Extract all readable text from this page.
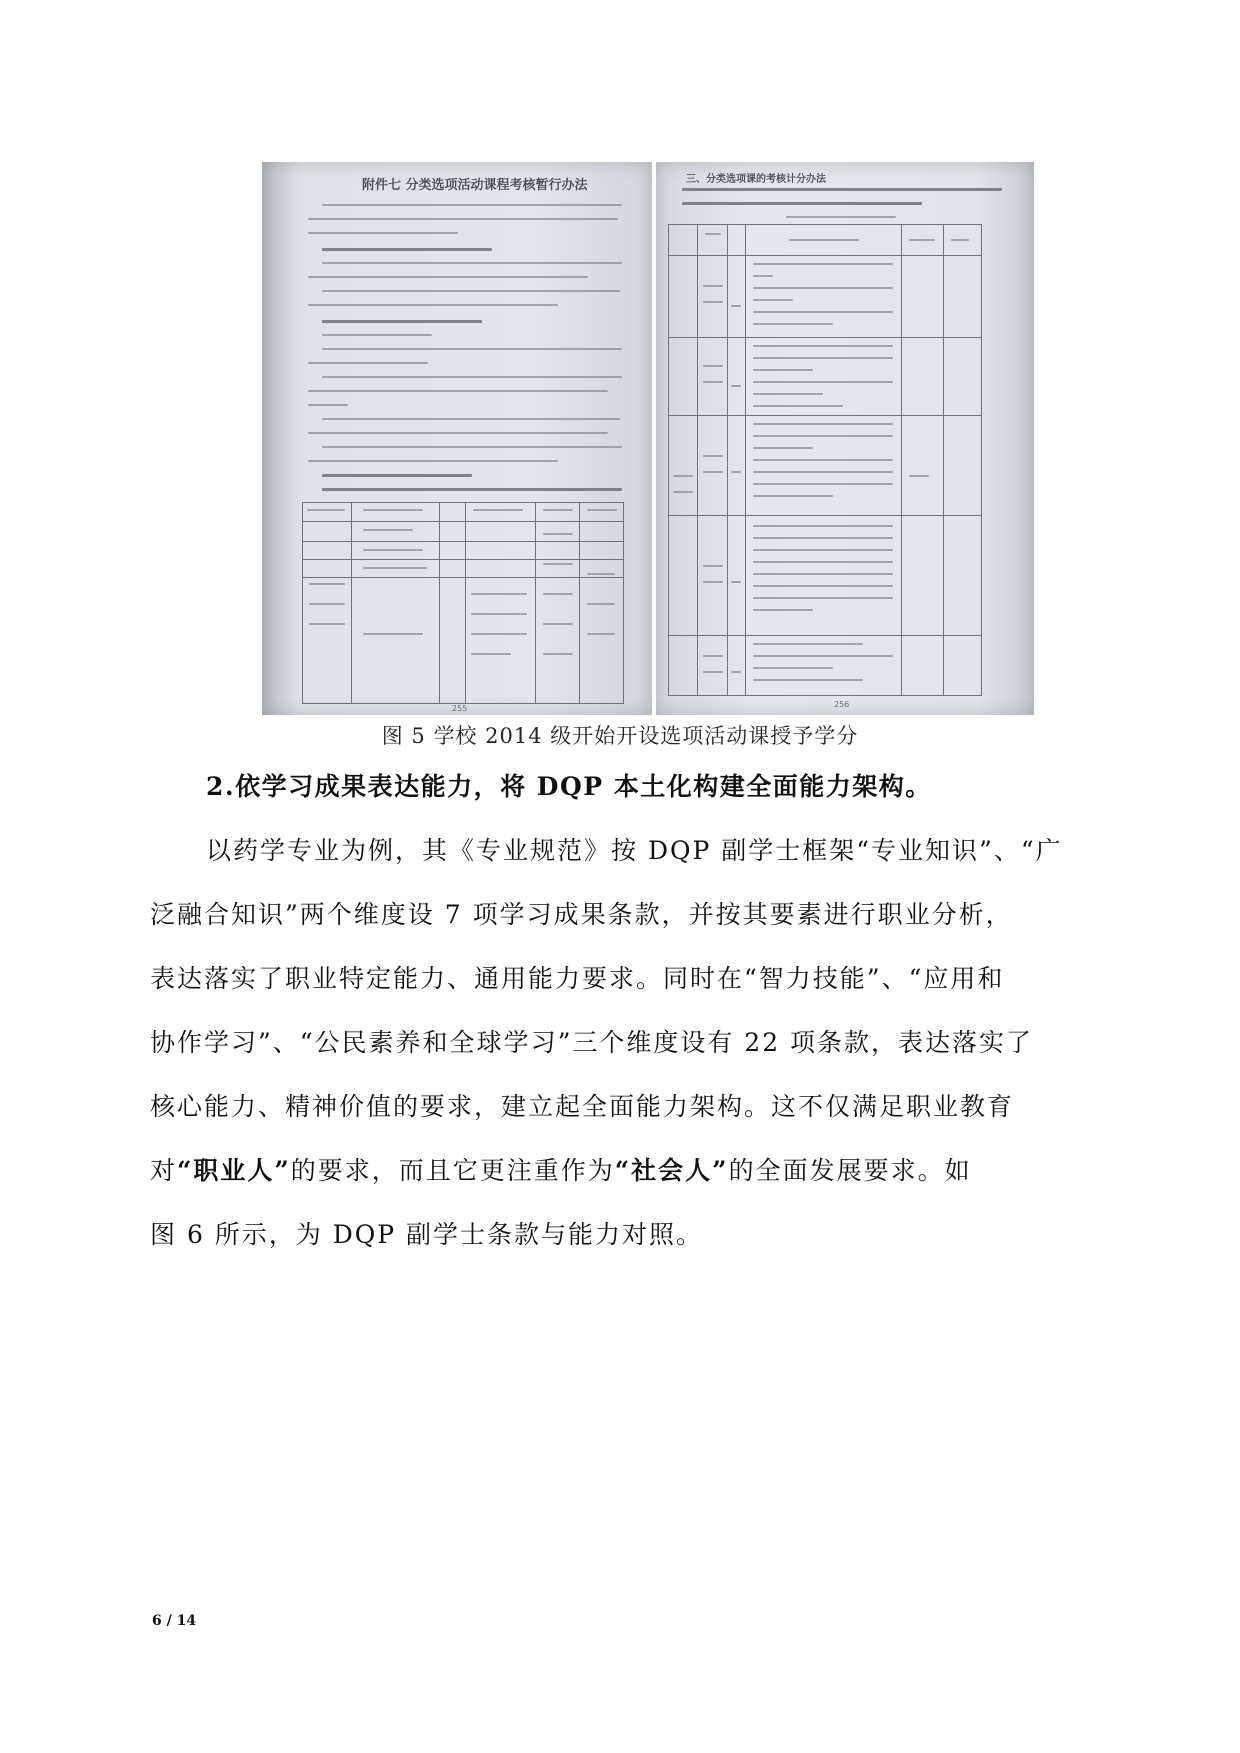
附件七 分类选项活动课程考核暂行办法
255
三、分类选项课的考核计分办法
256
图 5 学校 2014 级开始开设选项活动课授予学分
2.依学习成果表达能力，将 DQP 本土化构建全面能力架构。
以药学专业为例，其《专业规范》按 DQP 副学士框架“专业知识”、“广
泛融合知识”两个维度设 7 项学习成果条款，并按其要素进行职业分析，
表达落实了职业特定能力、通用能力要求。同时在“智力技能”、“应用和
协作学习”、“公民素养和全球学习”三个维度设有 22 项条款，表达落实了
核心能力、精神价值的要求，建立起全面能力架构。这不仅满足职业教育
对“职业人”的要求，而且它更注重作为“社会人”的全面发展要求。如
图 6 所示，为 DQP 副学士条款与能力对照。
6 / 14
